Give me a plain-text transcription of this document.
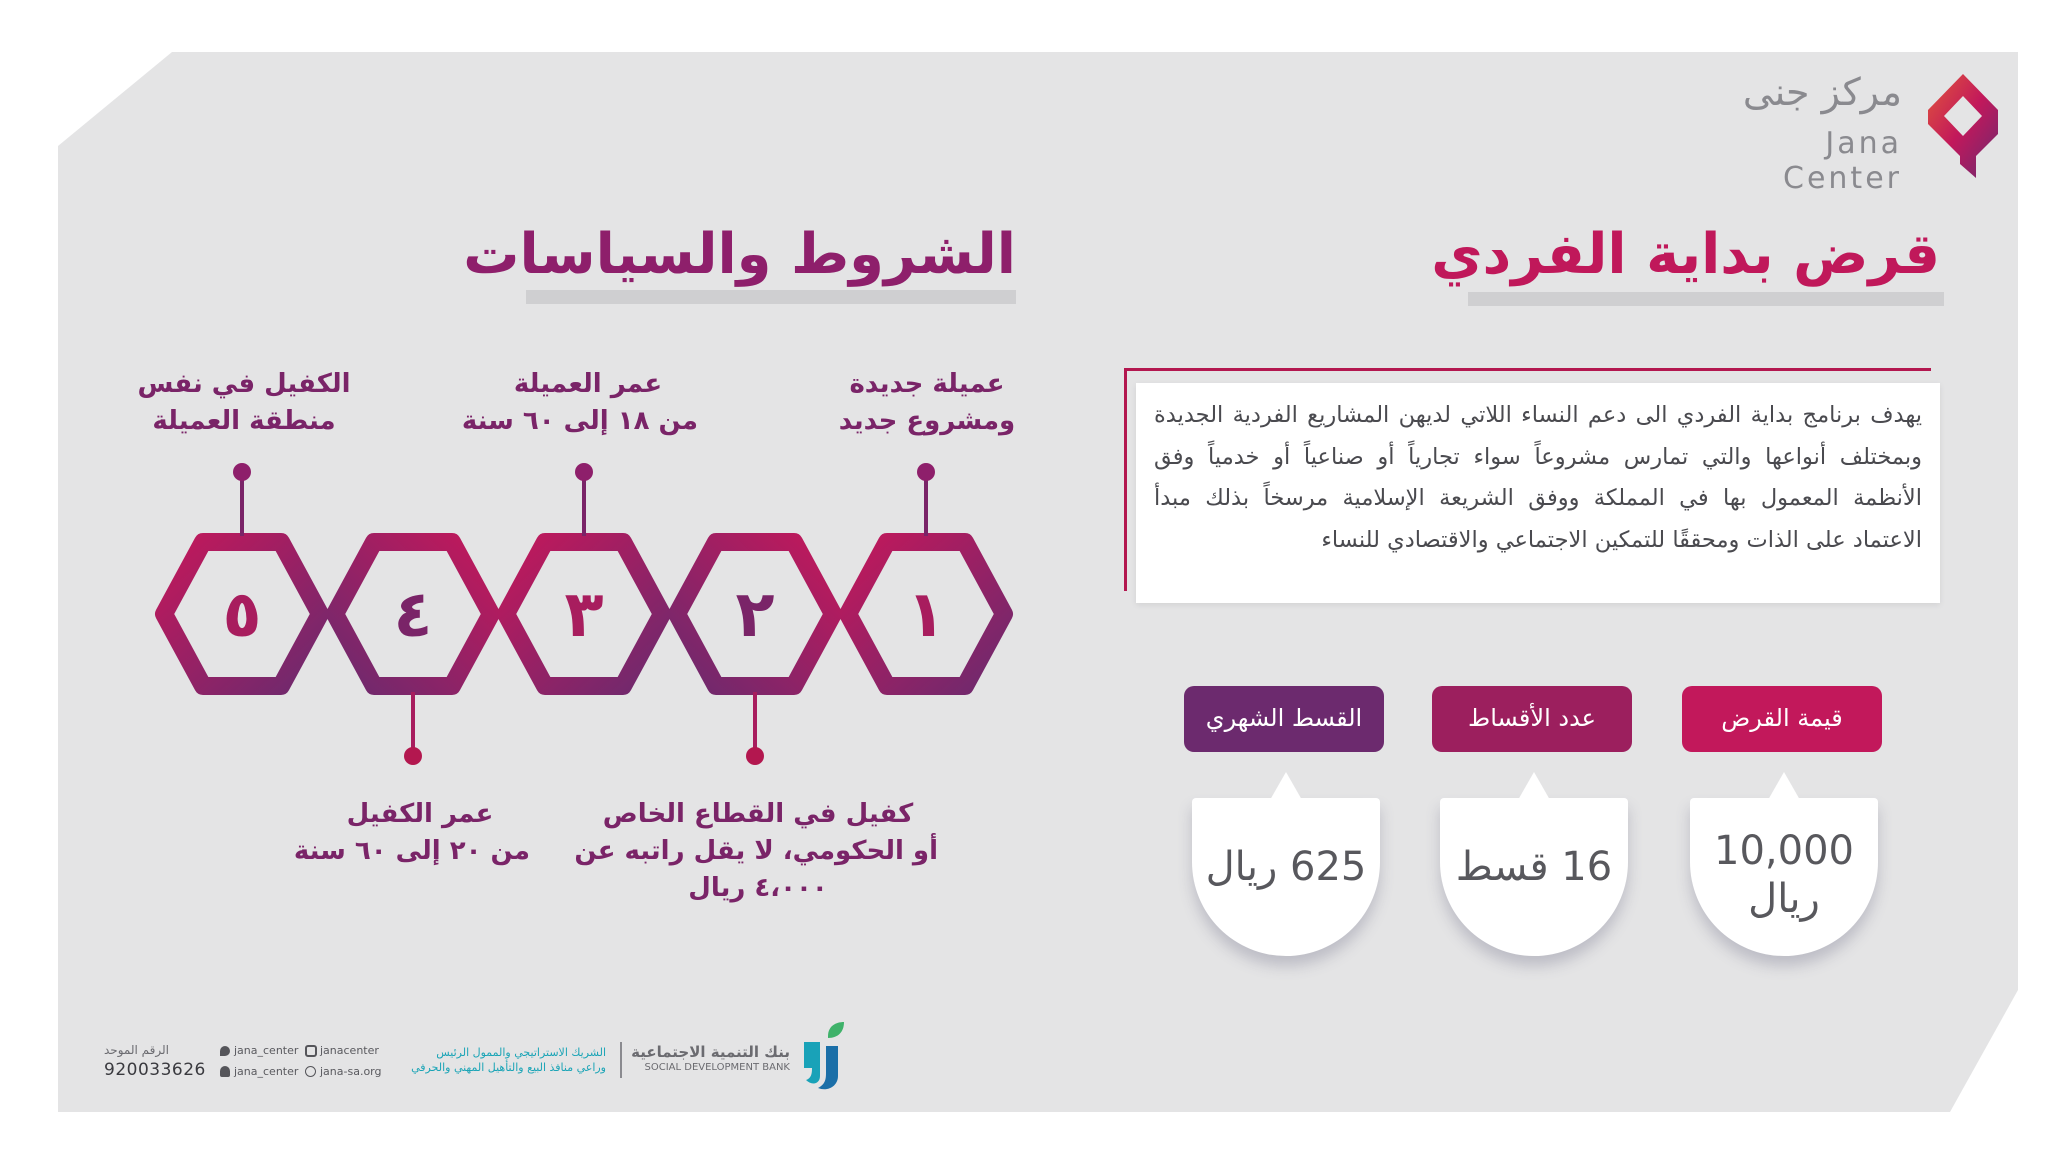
مركز جنى
Jana Center
قرض بداية الفردي
الشروط والسياسات

يهدف برنامج بداية الفردي الى دعم النساء اللاتي لديهن المشاريع الفردية الجديدة وبمختلف أنواعها والتي تمارس مشروعاً سواء تجارياً أو صناعياً أو خدمياً وفق الأنظمة المعمول بها في المملكة ووفق الشريعة الإسلامية مرسخاً بذلك مبدأ الاعتماد على الذات ومحققًا للتمكين الاجتماعي والاقتصادي للنساء

قيمة القرض
عدد الأقساط
القسط الشهري
10,000
ريال
16 قسط
625 ريال
١
٢
٣
٤
٥
عميلة جديدة
ومشروع جديد
عمر العميلة
من ١٨ إلى ٦٠ سنة
الكفيل في نفس
منطقة العميلة
كفيل في القطاع الخاص
أو الحكومي، لا يقل راتبه عن
٤،٠٠٠ ريال
عمر الكفيل
من ٢٠ إلى ٦٠ سنة
بنك التنمية الاجتماعية
SOCIAL DEVELOPMENT BANK
الشريك الاستراتيجي والممول الرئيس
وراعي منافذ البيع والتأهيل المهني والحرفي
jana_center janacenter
jana_center jana-sa.org
الرقم الموحد
920033626
